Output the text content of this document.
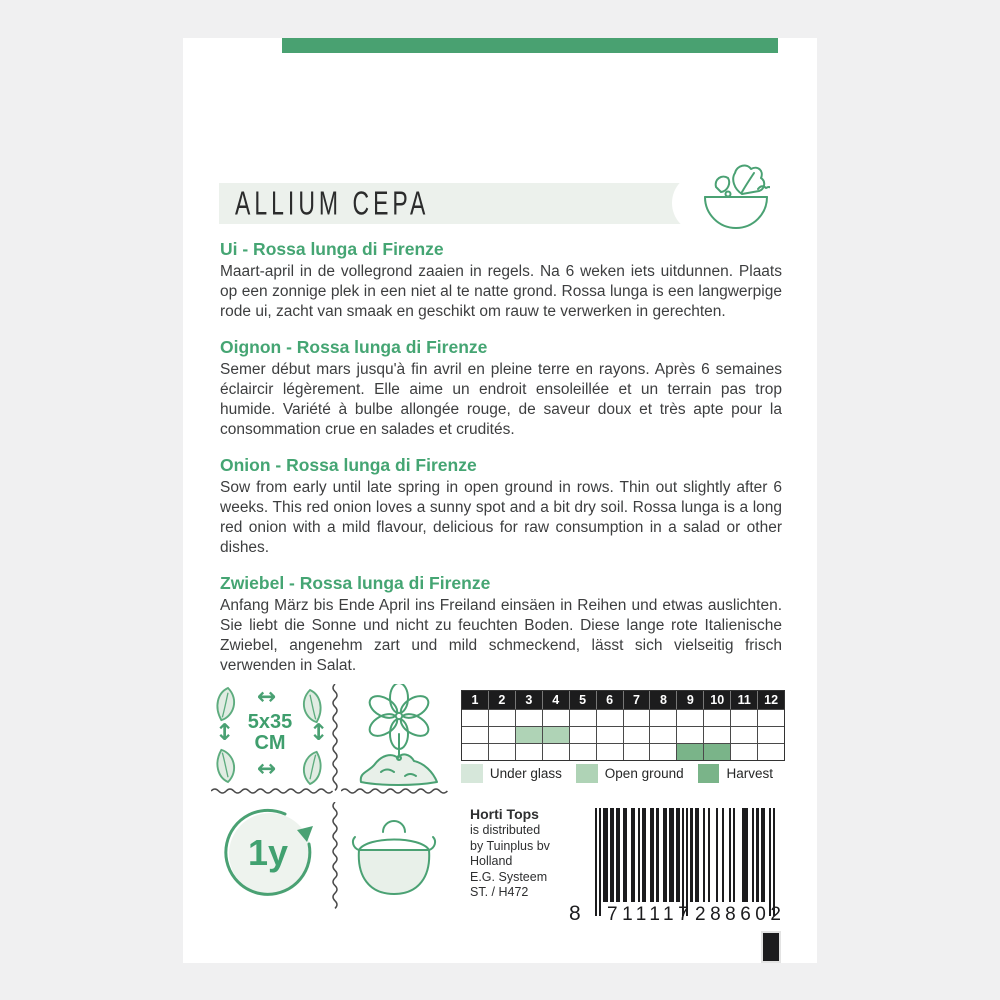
ALLIUM CEPA
Ui - Rossa lunga di Firenze

Maart-april in de vollegrond zaaien in regels. Na 6 weken iets uitdunnen. Plaats op een zonnige plek in een niet al te natte grond. Rossa lunga is een langwerpige rode ui, zacht van smaak en geschikt om rauw te verwerken in gerechten.

Oignon - Rossa lunga di Firenze

Semer début mars jusqu'à fin avril en pleine terre en rayons. Après 6 semaines éclaircir légèrement. Elle aime un endroit ensoleillée et un terrain pas trop humide. Variété à bulbe allongée rouge, de saveur doux et très apte pour la consommation crue en salades et crudités.

Onion - Rossa lunga di Firenze

Sow from early until late spring in open ground in rows. Thin out slightly after 6 weeks. This red onion loves a sunny spot and a bit dry soil. Rossa lunga is a long red onion with a mild flavour, delicious for raw consumption in a salad or other dishes.

Zwiebel - Rossa lunga di Firenze

Anfang März bis Ende April ins Freiland einsäen in Reihen und etwas auslichten. Sie liebt die Sonne und nicht zu feuchten Boden. Diese lange rote Italienische Zwiebel, angenehm zart und mild schmeckend, lässt sich vielseitig frisch verwenden in Salat.

↔
↔
↕	↕
5x35
CM
1y
1	2	3	4	5	6	7	8	9	10	11	12
Under glass	Open ground	Harvest
Horti Tops
is distributed
by Tuinplus bv
Holland
E.G. Systeem
ST. / H472
8 711117 288602
